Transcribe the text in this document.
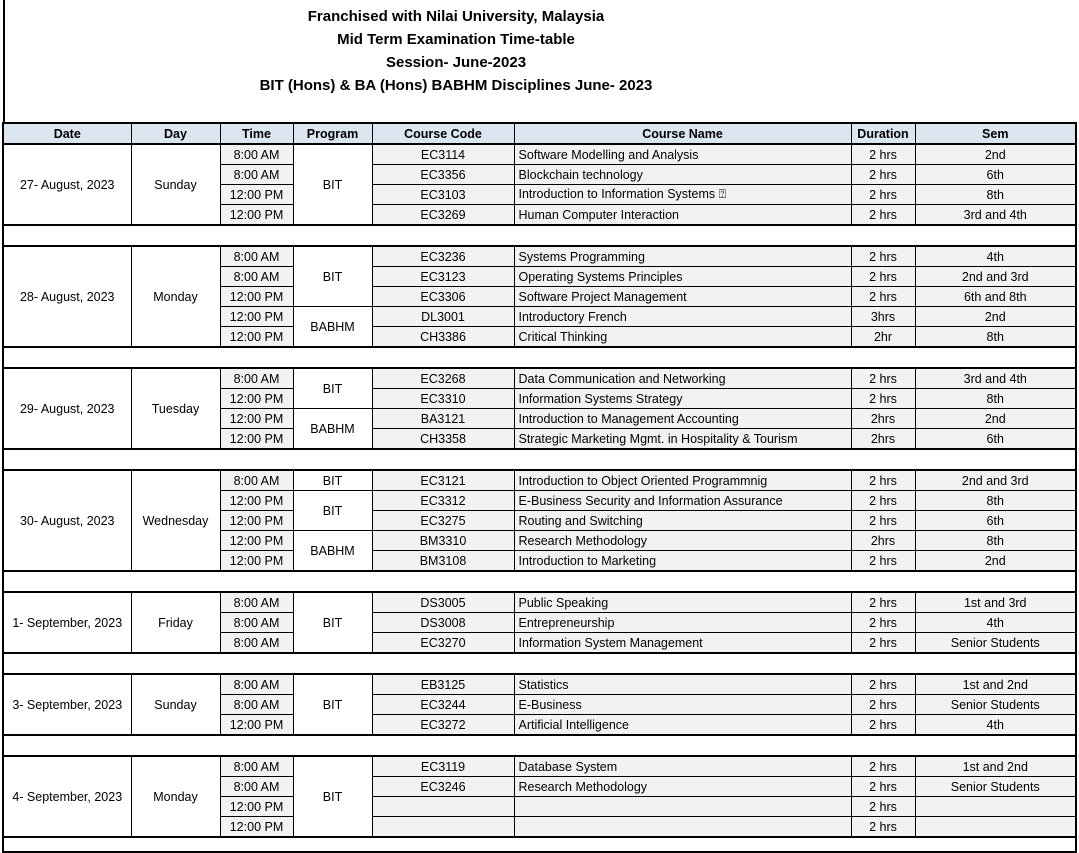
Franchised with Nilai University, Malaysia
Mid Term Examination Time-table
Session- June-2023
BIT (Hons) & BA (Hons) BABHM Disciplines June- 2023
Date	Day	Time	Program	Course Code	Course Name	Duration	Sem
27- August, 2023	Sunday	8:00 AM	BIT	EC3114	Software Modelling and Analysis	2 hrs	2nd
		8:00 AM		EC3356	Blockchain technology	2 hrs	6th
		12:00 PM		EC3103	Introduction to Information Systems ⍰	2 hrs	8th
		12:00 PM		EC3269	Human Computer Interaction	2 hrs	3rd and 4th

28- August, 2023	Monday	8:00 AM	BIT	EC3236	Systems Programming	2 hrs	4th
		8:00 AM		EC3123	Operating Systems Principles	2 hrs	2nd and 3rd
		12:00 PM		EC3306	Software Project Management	2 hrs	6th and 8th
		12:00 PM	BABHM	DL3001	Introductory French	3hrs	2nd
		12:00 PM		CH3386	Critical Thinking	2hr	8th

29- August, 2023	Tuesday	8:00 AM	BIT	EC3268	Data Communication and Networking	2 hrs	3rd and 4th
		12:00 PM		EC3310	Information Systems Strategy	2 hrs	8th
		12:00 PM	BABHM	BA3121	Introduction to Management Accounting	2hrs	2nd
		12:00 PM		CH3358	Strategic Marketing Mgmt. in Hospitality & Tourism	2hrs	6th

30- August, 2023	Wednesday	8:00 AM	BIT	EC3121	Introduction to Object Oriented Programmnig	2 hrs	2nd and 3rd
		12:00 PM	BIT	EC3312	E-Business Security and Information Assurance	2 hrs	8th
		12:00 PM		EC3275	Routing and Switching	2 hrs	6th
		12:00 PM	BABHM	BM3310	Research Methodology	2hrs	8th
		12:00 PM		BM3108	Introduction to Marketing	2 hrs	2nd

1- September, 2023	Friday	8:00 AM	BIT	DS3005	Public Speaking	2 hrs	1st and 3rd
		8:00 AM		DS3008	Entrepreneurship	2 hrs	4th
		8:00 AM		EC3270	Information System Management	2 hrs	Senior Students

3- September, 2023	Sunday	8:00 AM	BIT	EB3125	Statistics	2 hrs	1st and 2nd
		8:00 AM		EC3244	E-Business	2 hrs	Senior Students
		12:00 PM		EC3272	Artificial Intelligence	2 hrs	4th

4- September, 2023	Monday	8:00 AM	BIT	EC3119	Database System	2 hrs	1st and 2nd
		8:00 AM		EC3246	Research Methodology	2 hrs	Senior Students
		12:00 PM				2 hrs	
		12:00 PM				2 hrs	
